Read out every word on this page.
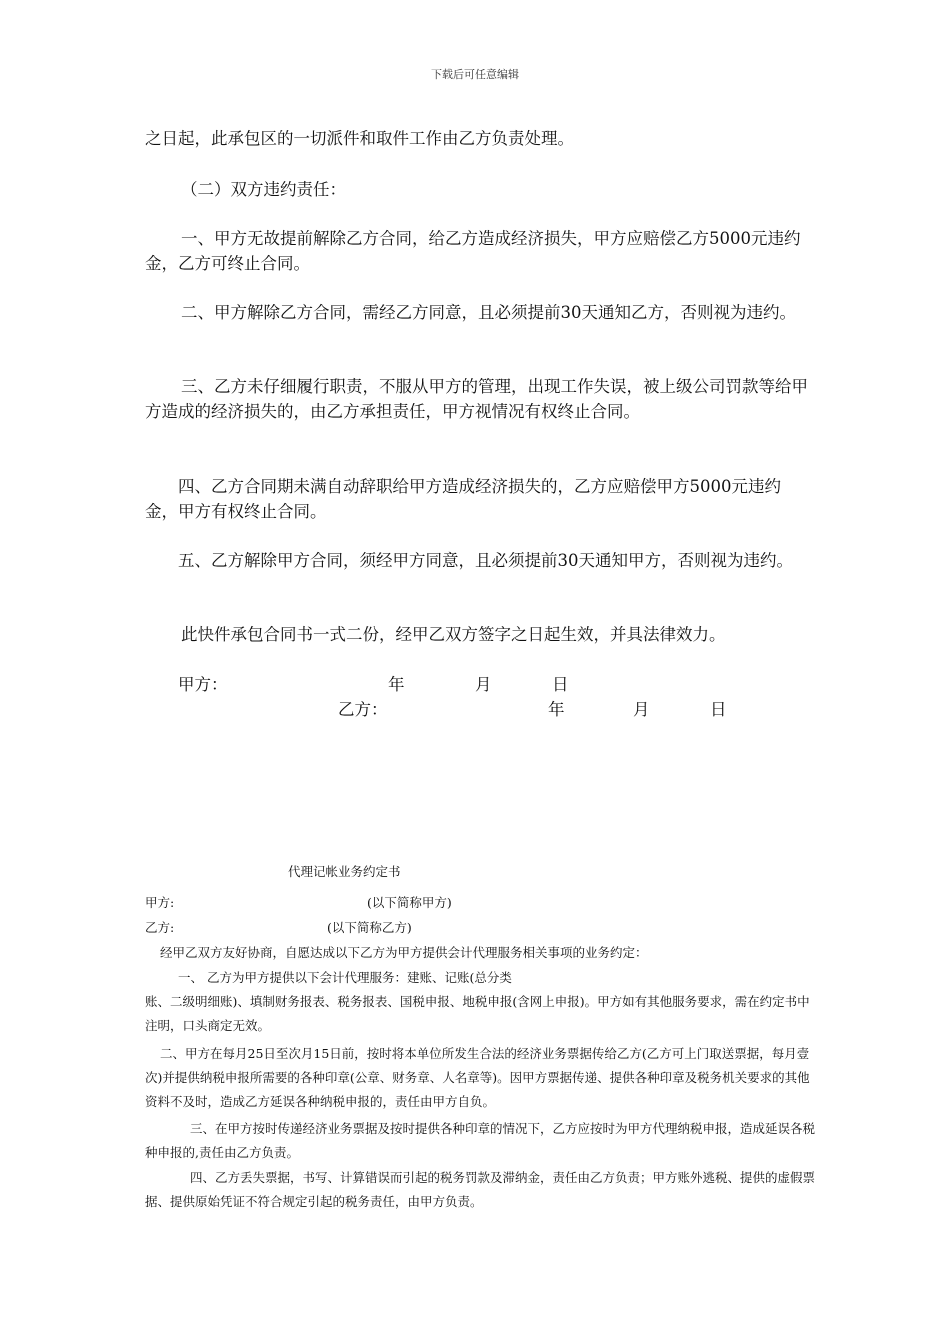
下载后可任意编辑
之日起，此承包区的一切派件和取件工作由乙方负责处理。
（二）双方违约责任：
一、甲方无故提前解除乙方合同，给乙方造成经济损失，甲方应赔偿乙方5000元违约金，乙方可终止合同。
二、甲方解除乙方合同，需经乙方同意，且必须提前30天通知乙方，否则视为违约。
三、乙方未仔细履行职责，不服从甲方的管理，出现工作失误，被上级公司罚款等给甲方造成的经济损失的，由乙方承担责任，甲方视情况有权终止合同。
四、乙方合同期未满自动辞职给甲方造成经济损失的，乙方应赔偿甲方5000元违约金，甲方有权终止合同。
五、乙方解除甲方合同，须经甲方同意，且必须提前30天通知甲方，否则视为违约。
此快件承包合同书一式二份，经甲乙双方签字之日起生效，并具法律效力。
甲方：	年	月	日
乙方：	年	月	日
代理记帐业务约定书
甲方:	(以下简称甲方)
乙方:	(以下简称乙方)
经甲乙双方友好协商，自愿达成以下乙方为甲方提供会计代理服务相关事项的业务约定：
一、 乙方为甲方提供以下会计代理服务：建账、记账(总分类
账、二级明细账)、填制财务报表、税务报表、国税申报、地税申报(含网上申报)。甲方如有其他服务要求，需在约定书中注明，口头商定无效。
二、甲方在每月25日至次月15日前，按时将本单位所发生合法的经济业务票据传给乙方(乙方可上门取送票据，每月壹次)并提供纳税申报所需要的各种印章(公章、财务章、人名章等)。因甲方票据传递、提供各种印章及税务机关要求的其他资料不及时，造成乙方延误各种纳税申报的，责任由甲方自负。
三、在甲方按时传递经济业务票据及按时提供各种印章的情况下，乙方应按时为甲方代理纳税申报，造成延误各税种申报的,责任由乙方负责。
四、乙方丢失票据，书写、计算错误而引起的税务罚款及滞纳金，责任由乙方负责；甲方账外逃税、提供的虚假票据、提供原始凭证不符合规定引起的税务责任，由甲方负责。
